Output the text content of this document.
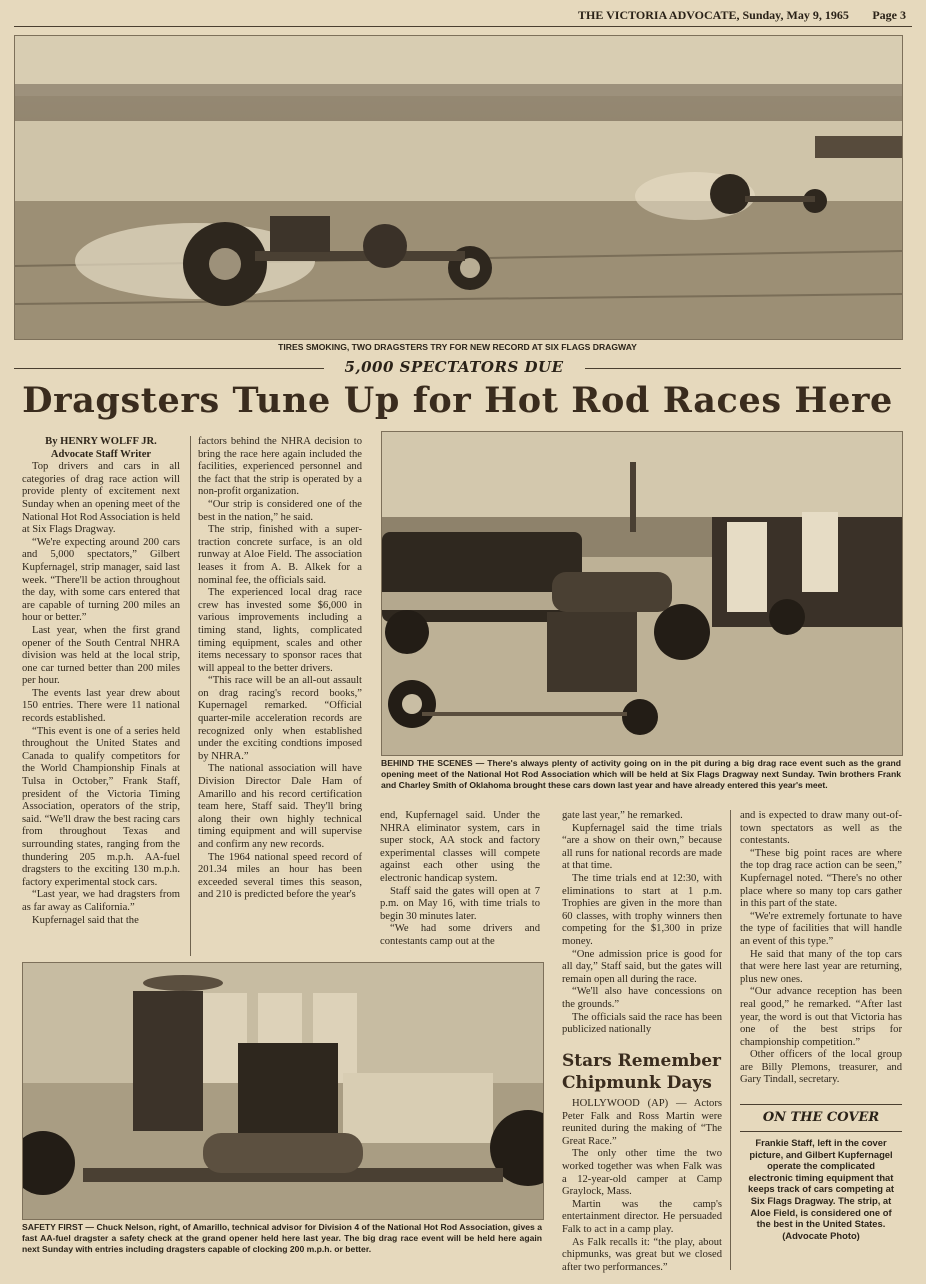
THE VICTORIA ADVOCATE, Sunday, May 9, 1965 Page 3
TIRES SMOKING, TWO DRAGSTERS TRY FOR NEW RECORD AT SIX FLAGS DRAGWAY
5,000 SPECTATORS DUE
Dragsters Tune Up for Hot Rod Races Here

By HENRY WOLFF JR.

Advocate Staff Writer

Top drivers and cars in all categories of drag race action will provide plenty of excitement next Sunday when an opening meet of the National Hot Rod Association is held at Six Flags Dragway.

“We're expecting around 200 cars and 5,000 spectators,” Gilbert Kupfernagel, strip manager, said last week. “There'll be action throughout the day, with some cars entered that are capable of turning 200 miles an hour or better.”

Last year, when the first grand opener of the South Central NHRA division was held at the local strip, one car turned better than 200 miles per hour.

The events last year drew about 150 entries. There were 11 national records established.

“This event is one of a series held throughout the United States and Canada to qualify competitors for the World Championship Finals at Tulsa in October,” Frank Staff, president of the Victoria Timing Association, operators of the strip, said. “We'll draw the best racing cars from throughout Texas and surrounding states, ranging from the thundering 205 m.p.h. AA-fuel dragsters to the exciting 130 m.p.h. factory experimental stock cars.

“Last year, we had dragsters from as far away as California.”

Kupfernagel said that the

factors behind the NHRA decision to bring the race here again included the facilities, experienced personnel and the fact that the strip is operated by a non-profit organization.

“Our strip is considered one of the best in the nation,” he said.

The strip, finished with a super-traction concrete surface, is an old runway at Aloe Field. The association leases it from A. B. Alkek for a nominal fee, the officials said.

The experienced local drag race crew has invested some $6,000 in various improvements including a timing stand, lights, complicated timing equipment, scales and other items necessary to sponsor races that will appeal to the better drivers.

“This race will be an all-out assault on drag racing's record books,” Kupernagel remarked. “Official quarter-mile acceleration records are recognized only when established under the exciting condtions imposed by NHRA.”

The national association will have Division Director Dale Ham of Amarillo and his record certification team here, Staff said. They'll bring along their own highly technical timing equipment and will supervise and confirm any new records.

The 1964 national speed record of 201.34 miles an hour has been exceeded several times this season, and 210 is predicted before the year's

BEHIND THE SCENES — There's always plenty of activity going on in the pit during a big drag race event such as the grand opening meet of the National Hot Rod Association which will be held at Six Flags Dragway next Sunday. Twin brothers Frank and Charley Smith of Oklahoma brought these cars down last year and have already entered this year's meet.

end, Kupfernagel said. Under the NHRA eliminator system, cars in super stock, AA stock and factory experimental classes will compete against each other using the electronic handicap system.

Staff said the gates will open at 7 p.m. on May 16, with time trials to begin 30 minutes later.

“We had some drivers and contestants camp out at the

gate last year,” he remarked.

Kupfernagel said the time trials “are a show on their own,” because all runs for national records are made at that time.

The time trials end at 12:30, with eliminations to start at 1 p.m. Trophies are given in the more than 60 classes, with trophy winners then competing for the $1,300 in prize money.

“One admission price is good for all day,” Staff said, but the gates will remain open all during the race.

“We'll also have concessions on the grounds.”

The officials said the race has been publicized nationally

and is expected to draw many out-of-town spectators as well as the contestants.

“These big point races are where the top drag race action can be seen,” Kupfernagel noted. “There's no other place where so many top cars gather in this part of the state.

“We're extremely fortunate to have the type of facilities that will handle an event of this type.”

He said that many of the top cars that were here last year are returning, plus new ones.

“Our advance reception has been real good,” he remarked. “After last year, the word is out that Victoria has one of the best strips for championship competition.”

Other officers of the local group are Billy Plemons, treasurer, and Gary Tindall, secretary.

SAFETY FIRST — Chuck Nelson, right, of Amarillo, technical advisor for Division 4 of the National Hot Rod Association, gives a fast AA-fuel dragster a safety check at the grand opener held here last year. The big drag race event will be held here again next Sunday with entries including dragsters capable of clocking 200 m.p.h. or better.
Stars Remember Chipmunk Days

HOLLYWOOD (AP) — Actors Peter Falk and Ross Martin were reunited during the making of “The Great Race.”

The only other time the two worked together was when Falk was a 12-year-old camper at Camp Graylock, Mass.

Martin was the camp's entertainment director. He persuaded Falk to act in a camp play.

As Falk recalls it: “the play, about chipmunks, was great but we closed after two performances.”

ON THE COVER
Frankie Staff, left in the cover picture, and Gilbert Kupfernagel operate the complicated electronic timing equipment that keeps track of cars competing at Six Flags Dragway. The strip, at Aloe Field, is considered one of the best in the United States. (Advocate Photo)
